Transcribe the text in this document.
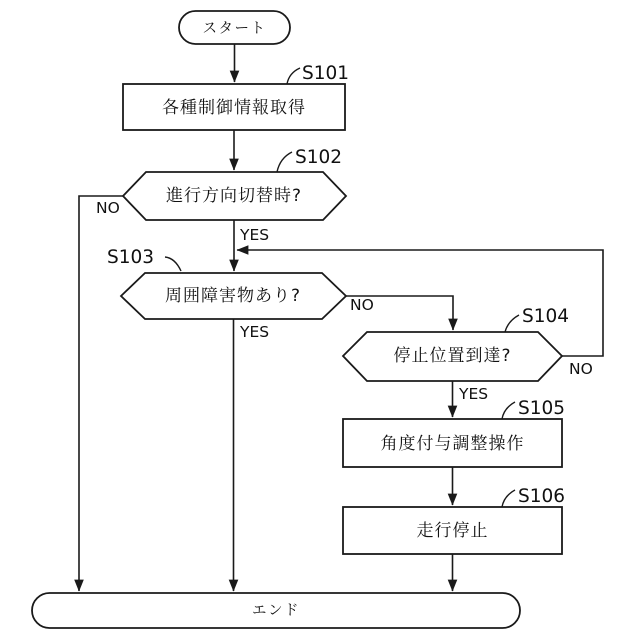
スタート
各種制御情報取得
S101
進行方向切替時?
S102
NO
YES
周囲障害物あり?
S103
NO
YES
停止位置到達?
S104
NO
YES
角度付与調整操作
S105
走行停止
S106
エンド
